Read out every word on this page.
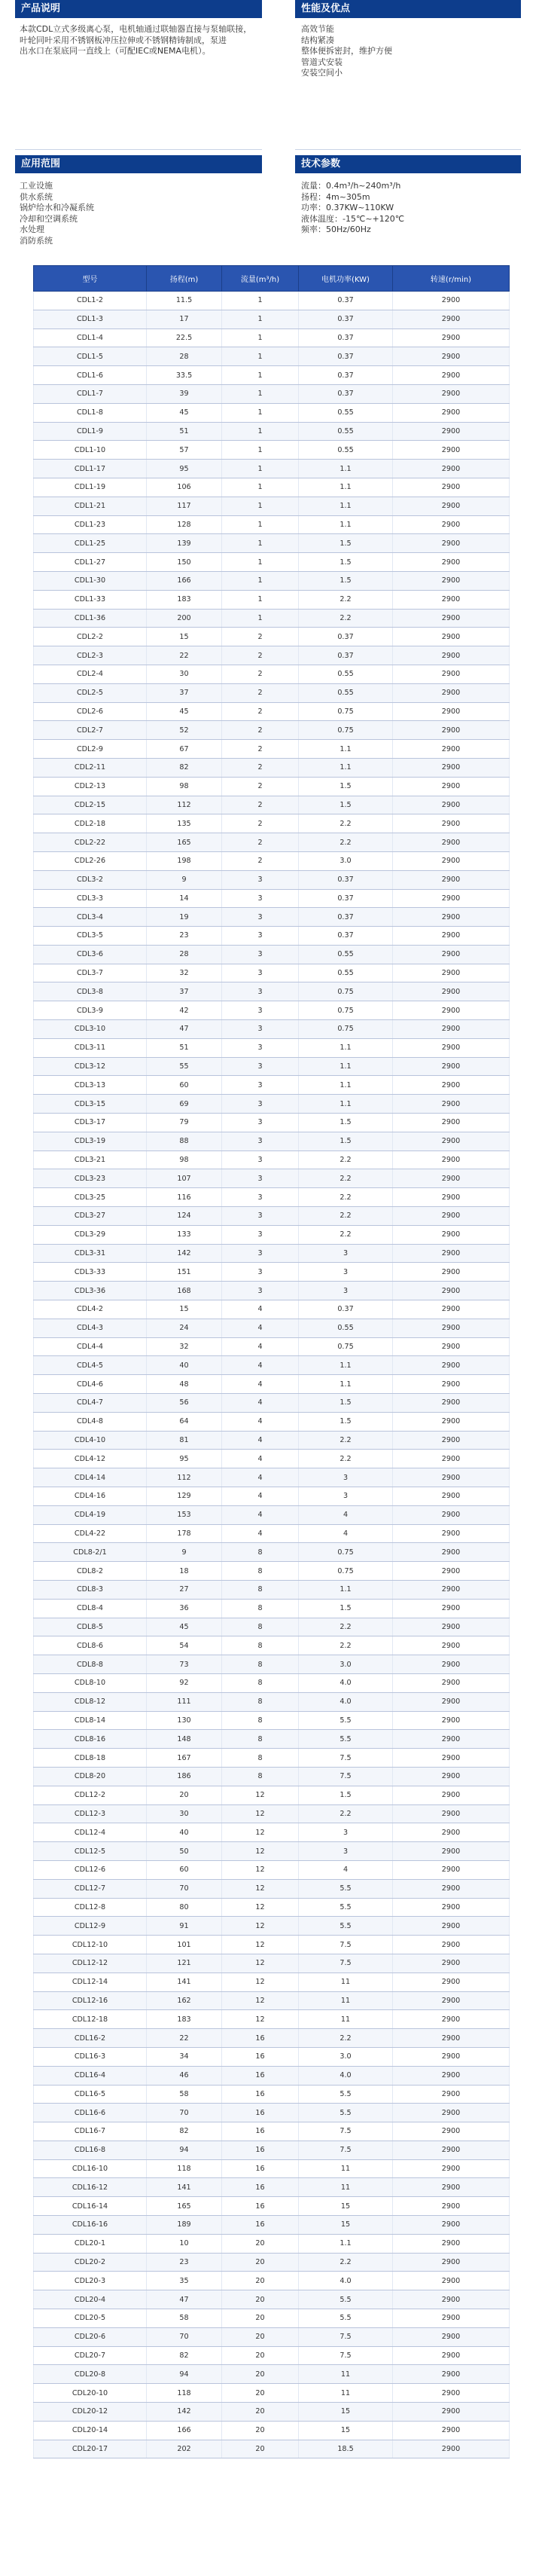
产品说明
本款CDL立式多级离心泵，电机轴通过联轴器直接与泵轴联接，
叶轮同叶采用不锈钢板冲压拉伸或不锈钢精铸制成，泵进
出水口在泵底同一直线上（可配IEC或NEMA电机）。
性能及优点
高效节能
结构紧凑
整体便拆密封，维护方便
管道式安装
安装空间小
应用范围
工业设施
供水系统
锅炉给水和冷凝系统
冷却和空调系统
水处理
消防系统
技术参数
流量：0.4m³/h~240m³/h
扬程：4m~305m
功率：0.37KW~110KW
液体温度：-15℃~+120℃
频率：50Hz/60Hz
型号	扬程(m)	流量(m³/h)	电机功率(KW)	转速(r/min)
CDL1-2	11.5	1	0.37	2900
CDL1-3	17	1	0.37	2900
CDL1-4	22.5	1	0.37	2900
CDL1-5	28	1	0.37	2900
CDL1-6	33.5	1	0.37	2900
CDL1-7	39	1	0.37	2900
CDL1-8	45	1	0.55	2900
CDL1-9	51	1	0.55	2900
CDL1-10	57	1	0.55	2900
CDL1-17	95	1	1.1	2900
CDL1-19	106	1	1.1	2900
CDL1-21	117	1	1.1	2900
CDL1-23	128	1	1.1	2900
CDL1-25	139	1	1.5	2900
CDL1-27	150	1	1.5	2900
CDL1-30	166	1	1.5	2900
CDL1-33	183	1	2.2	2900
CDL1-36	200	1	2.2	2900
CDL2-2	15	2	0.37	2900
CDL2-3	22	2	0.37	2900
CDL2-4	30	2	0.55	2900
CDL2-5	37	2	0.55	2900
CDL2-6	45	2	0.75	2900
CDL2-7	52	2	0.75	2900
CDL2-9	67	2	1.1	2900
CDL2-11	82	2	1.1	2900
CDL2-13	98	2	1.5	2900
CDL2-15	112	2	1.5	2900
CDL2-18	135	2	2.2	2900
CDL2-22	165	2	2.2	2900
CDL2-26	198	2	3.0	2900
CDL3-2	9	3	0.37	2900
CDL3-3	14	3	0.37	2900
CDL3-4	19	3	0.37	2900
CDL3-5	23	3	0.37	2900
CDL3-6	28	3	0.55	2900
CDL3-7	32	3	0.55	2900
CDL3-8	37	3	0.75	2900
CDL3-9	42	3	0.75	2900
CDL3-10	47	3	0.75	2900
CDL3-11	51	3	1.1	2900
CDL3-12	55	3	1.1	2900
CDL3-13	60	3	1.1	2900
CDL3-15	69	3	1.1	2900
CDL3-17	79	3	1.5	2900
CDL3-19	88	3	1.5	2900
CDL3-21	98	3	2.2	2900
CDL3-23	107	3	2.2	2900
CDL3-25	116	3	2.2	2900
CDL3-27	124	3	2.2	2900
CDL3-29	133	3	2.2	2900
CDL3-31	142	3	3	2900
CDL3-33	151	3	3	2900
CDL3-36	168	3	3	2900
CDL4-2	15	4	0.37	2900
CDL4-3	24	4	0.55	2900
CDL4-4	32	4	0.75	2900
CDL4-5	40	4	1.1	2900
CDL4-6	48	4	1.1	2900
CDL4-7	56	4	1.5	2900
CDL4-8	64	4	1.5	2900
CDL4-10	81	4	2.2	2900
CDL4-12	95	4	2.2	2900
CDL4-14	112	4	3	2900
CDL4-16	129	4	3	2900
CDL4-19	153	4	4	2900
CDL4-22	178	4	4	2900
CDL8-2/1	9	8	0.75	2900
CDL8-2	18	8	0.75	2900
CDL8-3	27	8	1.1	2900
CDL8-4	36	8	1.5	2900
CDL8-5	45	8	2.2	2900
CDL8-6	54	8	2.2	2900
CDL8-8	73	8	3.0	2900
CDL8-10	92	8	4.0	2900
CDL8-12	111	8	4.0	2900
CDL8-14	130	8	5.5	2900
CDL8-16	148	8	5.5	2900
CDL8-18	167	8	7.5	2900
CDL8-20	186	8	7.5	2900
CDL12-2	20	12	1.5	2900
CDL12-3	30	12	2.2	2900
CDL12-4	40	12	3	2900
CDL12-5	50	12	3	2900
CDL12-6	60	12	4	2900
CDL12-7	70	12	5.5	2900
CDL12-8	80	12	5.5	2900
CDL12-9	91	12	5.5	2900
CDL12-10	101	12	7.5	2900
CDL12-12	121	12	7.5	2900
CDL12-14	141	12	11	2900
CDL12-16	162	12	11	2900
CDL12-18	183	12	11	2900
CDL16-2	22	16	2.2	2900
CDL16-3	34	16	3.0	2900
CDL16-4	46	16	4.0	2900
CDL16-5	58	16	5.5	2900
CDL16-6	70	16	5.5	2900
CDL16-7	82	16	7.5	2900
CDL16-8	94	16	7.5	2900
CDL16-10	118	16	11	2900
CDL16-12	141	16	11	2900
CDL16-14	165	16	15	2900
CDL16-16	189	16	15	2900
CDL20-1	10	20	1.1	2900
CDL20-2	23	20	2.2	2900
CDL20-3	35	20	4.0	2900
CDL20-4	47	20	5.5	2900
CDL20-5	58	20	5.5	2900
CDL20-6	70	20	7.5	2900
CDL20-7	82	20	7.5	2900
CDL20-8	94	20	11	2900
CDL20-10	118	20	11	2900
CDL20-12	142	20	15	2900
CDL20-14	166	20	15	2900
CDL20-17	202	20	18.5	2900
